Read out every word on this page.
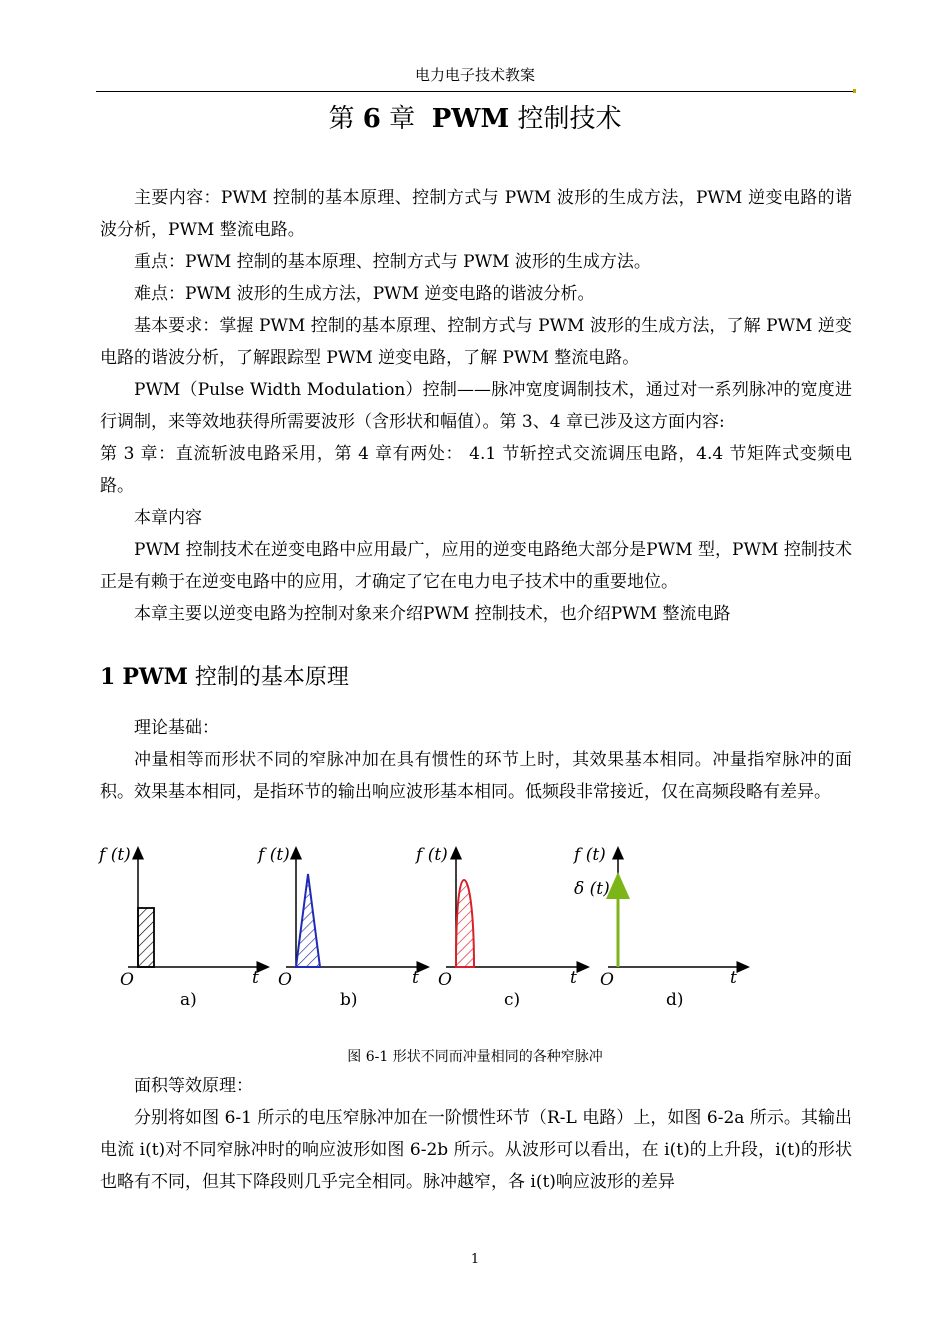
电力电子技术教案
第 6 章 PWM 控制技术

主要内容：PWM 控制的基本原理、控制方式与 PWM 波形的生成方法，PWM 逆变电路的谐波分析，PWM 整流电路。

重点：PWM 控制的基本原理、控制方式与 PWM 波形的生成方法。

难点：PWM 波形的生成方法，PWM 逆变电路的谐波分析。

基本要求：掌握 PWM 控制的基本原理、控制方式与 PWM 波形的生成方法，了解 PWM 逆变电路的谐波分析，了解跟踪型 PWM 逆变电路，了解 PWM 整流电路。

PWM（Pulse Width Modulation）控制——脉冲宽度调制技术，通过对一系列脉冲的宽度进行调制，来等效地获得所需要波形（含形状和幅值）。第 3、4 章已涉及这方面内容:

第 3 章：直流斩波电路采用，第 4 章有两处： 4.1 节斩控式交流调压电路，4.4 节矩阵式变频电路。

本章内容

PWM 控制技术在逆变电路中应用最广，应用的逆变电路绝大部分是PWM 型，PWM 控制技术正是有赖于在逆变电路中的应用，才确定了它在电力电子技术中的重要地位。

本章主要以逆变电路为控制对象来介绍PWM 控制技术，也介绍PWM 整流电路

1 PWM 控制的基本原理

理论基础：

冲量相等而形状不同的窄脉冲加在具有惯性的环节上时，其效果基本相同。冲量指窄脉冲的面积。效果基本相同，是指环节的输出响应波形基本相同。低频段非常接近，仅在高频段略有差异。

f (t)
O	t
a)
f (t)
O	t
b)
f (t)
O	t
c)
f (t)
δ (t)
O	t
d)
图 6-1 形状不同而冲量相同的各种窄脉冲

面积等效原理：

分别将如图 6-1 所示的电压窄脉冲加在一阶惯性环节（R-L 电路）上，如图 6-2a 所示。其输出电流 i(t)对不同窄脉冲时的响应波形如图 6-2b 所示。从波形可以看出，在 i(t)的上升段，i(t)的形状也略有不同，但其下降段则几乎完全相同。脉冲越窄，各 i(t)响应波形的差异

1
